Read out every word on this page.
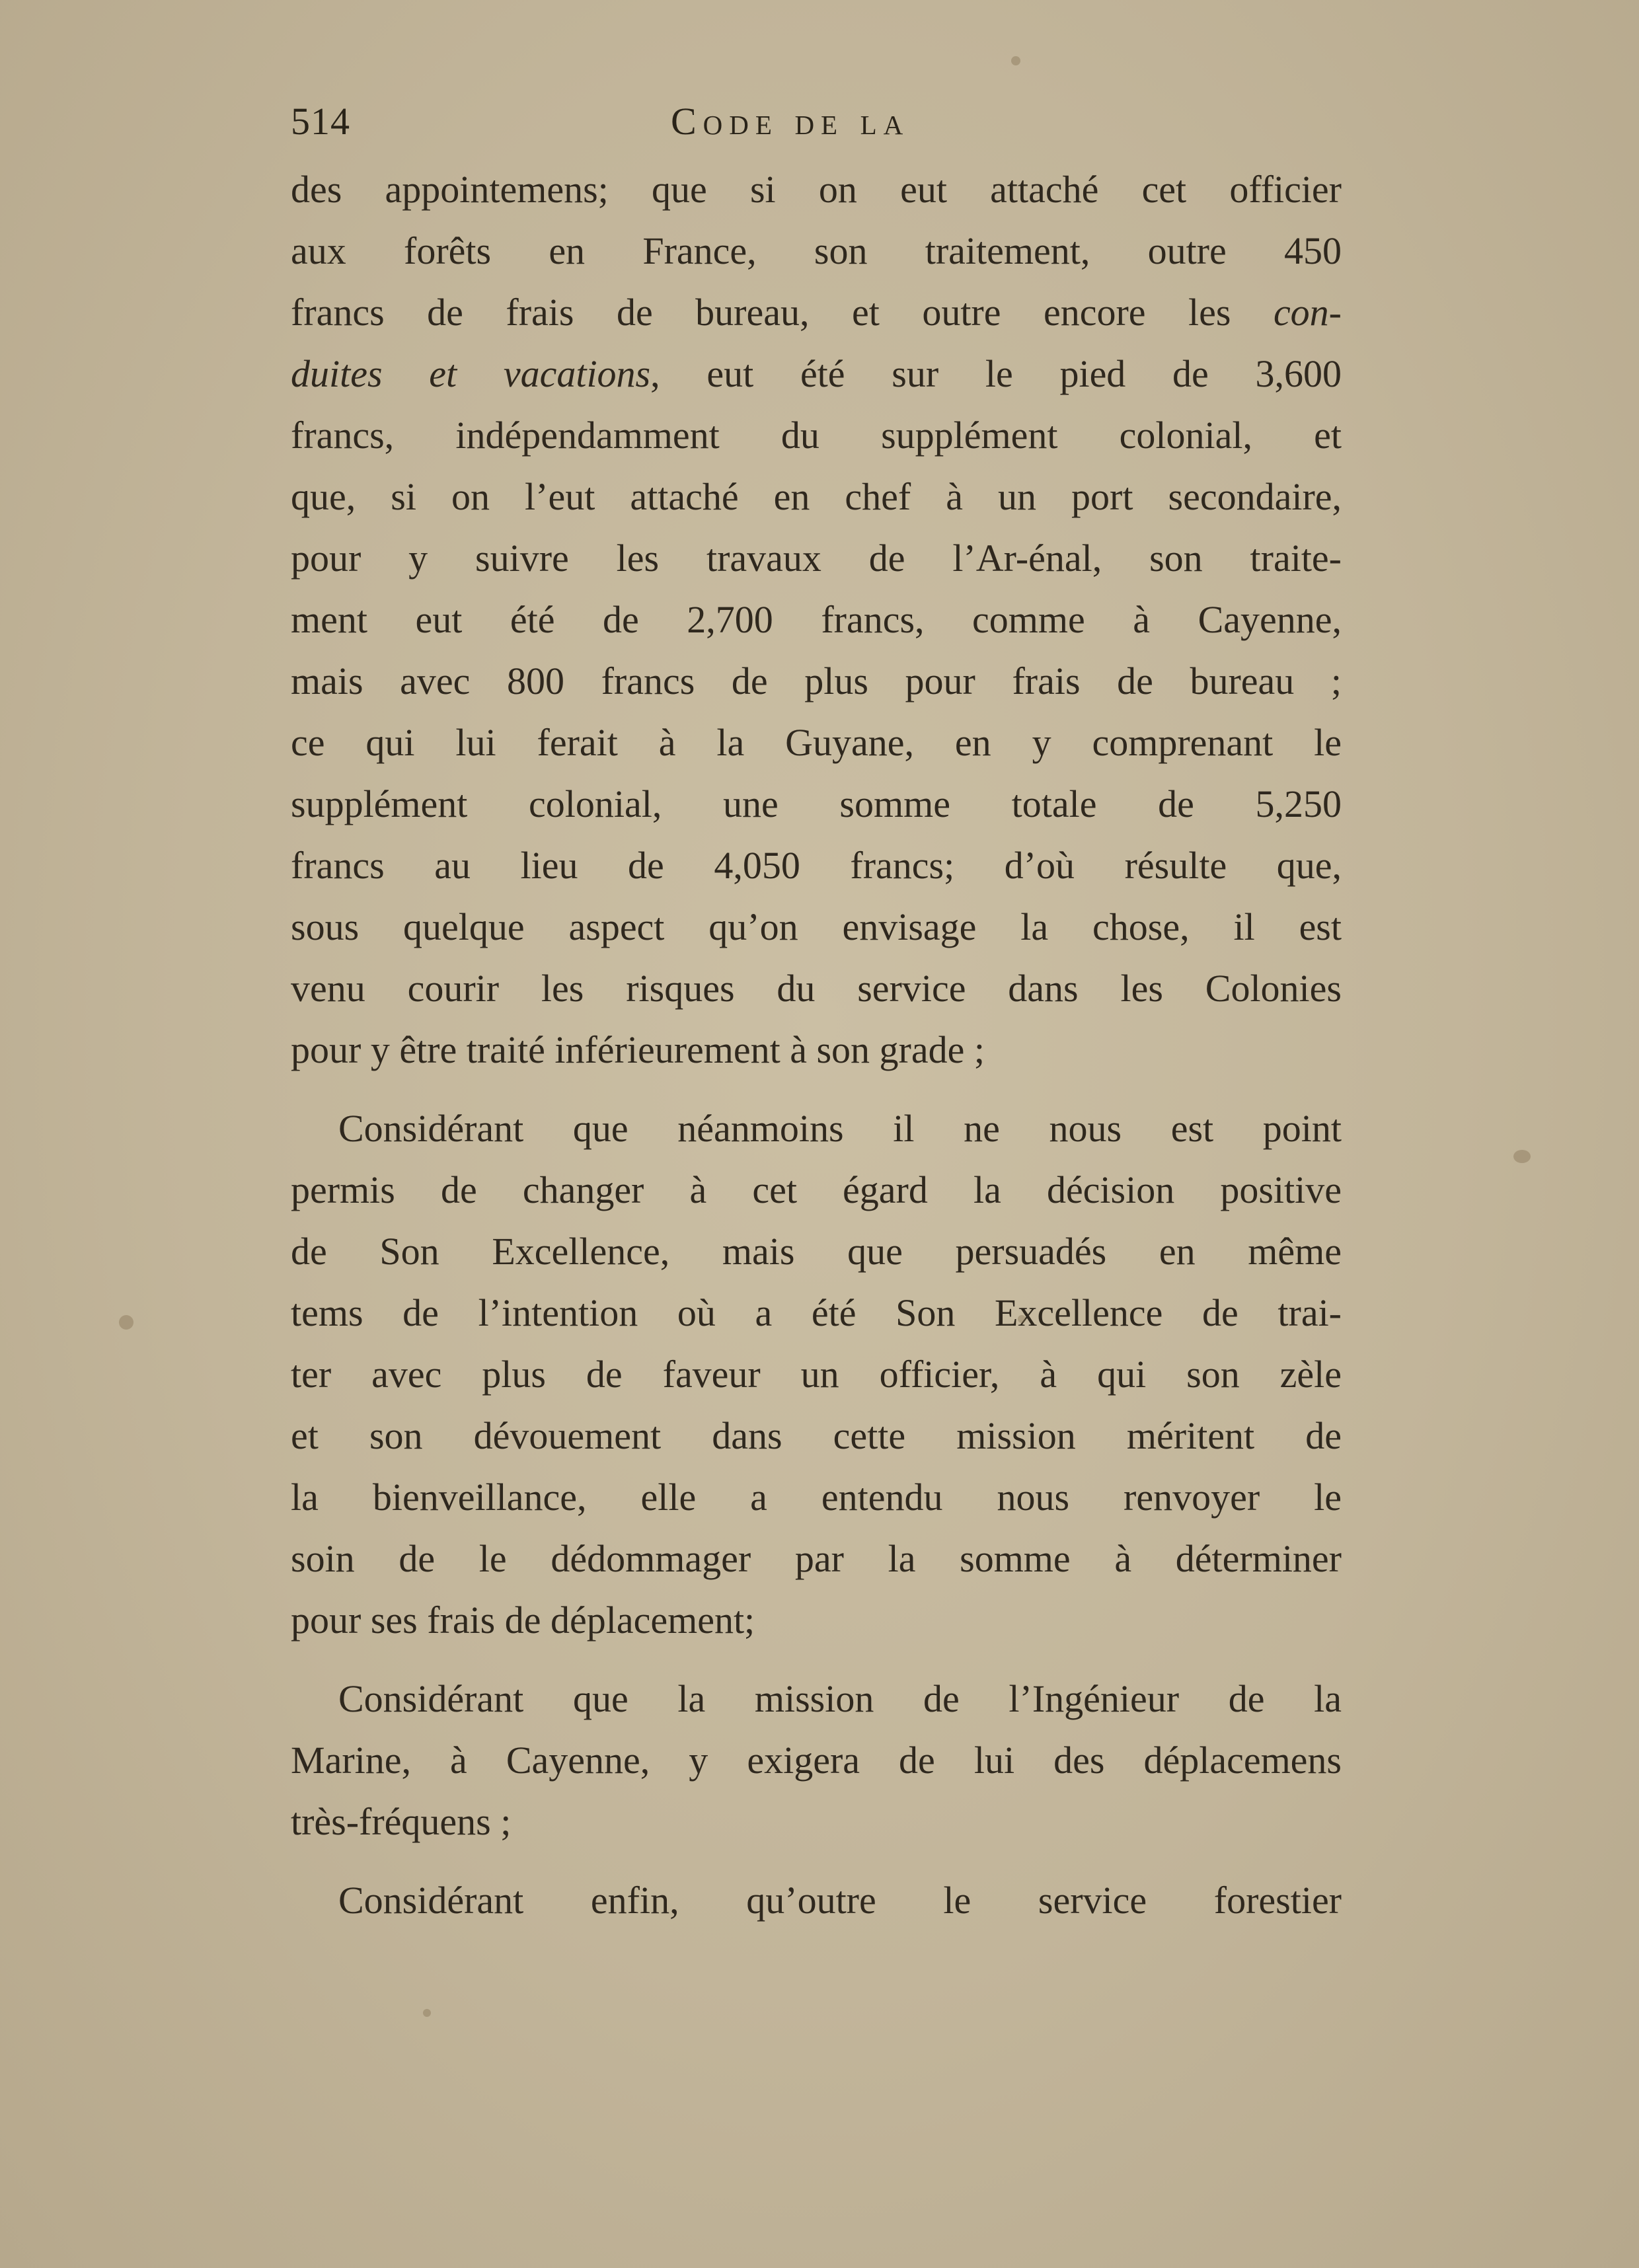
514	Code de la
des appointemens; que si on eut attaché cet officier
aux forêts en France, son traitement, outre 450
francs de frais de bureau, et outre encore les con-
duites et vacations, eut été sur le pied de 3,600
francs, indépendamment du supplément colonial, et
que, si on l’eut attaché en chef à un port secondaire,
pour y suivre les travaux de l’Ar-énal, son traite-
ment eut été de 2,700 francs, comme à Cayenne,
mais avec 800 francs de plus pour frais de bureau ;
ce qui lui ferait à la Guyane, en y comprenant le
supplément colonial, une somme totale de 5,250
francs au lieu de 4,050 francs; d’où résulte que,
sous quelque aspect qu’on envisage la chose, il est
venu courir les risques du service dans les Colonies
pour y être traité inférieurement à son grade ;
Considérant que néanmoins il ne nous est point
permis de changer à cet égard la décision positive
de Son Excellence, mais que persuadés en même
tems de l’intention où a été Son Excellence de trai-
ter avec plus de faveur un officier, à qui son zèle
et son dévouement dans cette mission méritent de
la bienveillance, elle a entendu nous renvoyer le
soin de le dédommager par la somme à déterminer
pour ses frais de déplacement;
Considérant que la mission de l’Ingénieur de la
Marine, à Cayenne, y exigera de lui des déplacemens
très-fréquens ;
Considérant enfin, qu’outre le service forestier
